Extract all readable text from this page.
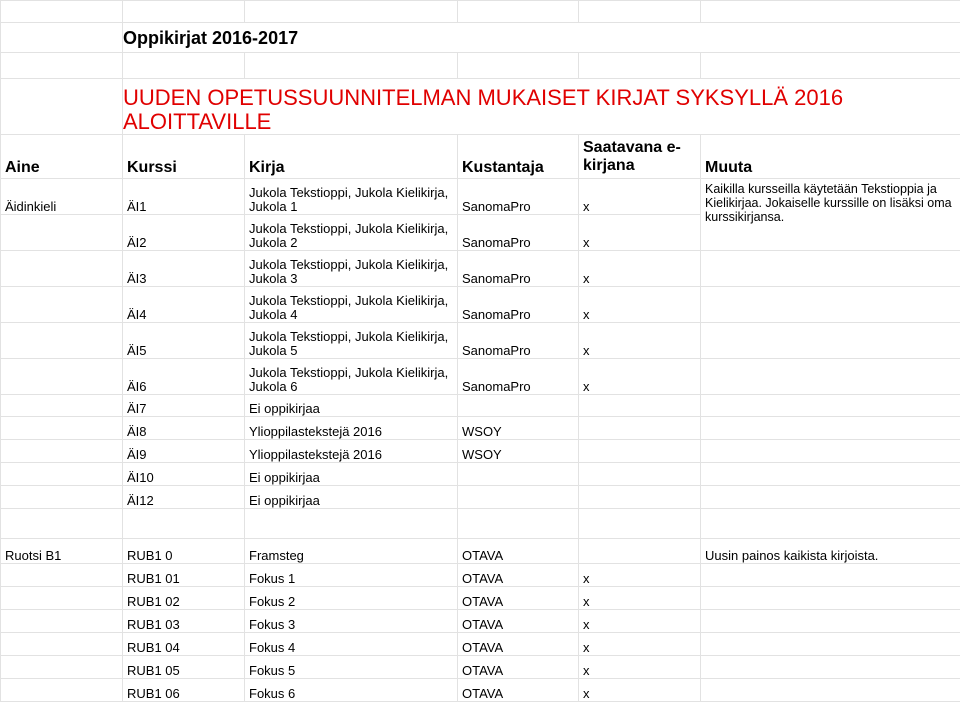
	Oppikirjat 2016-2017				

	UUDEN OPETUSSUUNNITELMAN MUKAISET KIRJAT SYKSYLLÄ 2016 ALOITTAVILLE				
Aine	Kurssi	Kirja	Kustantaja	Saatavana e-kirjana	Muuta
Äidinkieli	ÄI1	Jukola Tekstioppi, Jukola Kielikirja, Jukola 1	SanomaPro	x	Kaikilla kursseilla käytetään Tekstioppia ja Kielikirjaa. Jokaiselle kurssille on lisäksi oma kurssikirjansa.
	ÄI2	Jukola Tekstioppi, Jukola Kielikirja, Jukola 2	SanomaPro	x	
	ÄI3	Jukola Tekstioppi, Jukola Kielikirja, Jukola 3	SanomaPro	x	
	ÄI4	Jukola Tekstioppi, Jukola Kielikirja, Jukola 4	SanomaPro	x	
	ÄI5	Jukola Tekstioppi, Jukola Kielikirja, Jukola 5	SanomaPro	x	
	ÄI6	Jukola Tekstioppi, Jukola Kielikirja, Jukola 6	SanomaPro	x	
	ÄI7	Ei oppikirjaa			
	ÄI8	Ylioppilastekstejä 2016	WSOY		
	ÄI9	Ylioppilastekstejä 2016	WSOY		
	ÄI10	Ei oppikirjaa			
	ÄI12	Ei oppikirjaa			

Ruotsi B1	RUB1 0	Framsteg	OTAVA		Uusin painos kaikista kirjoista.
	RUB1 01	Fokus 1	OTAVA	x	
	RUB1 02	Fokus 2	OTAVA	x	
	RUB1 03	Fokus 3	OTAVA	x	
	RUB1 04	Fokus 4	OTAVA	x	
	RUB1 05	Fokus 5	OTAVA	x	
	RUB1 06	Fokus 6	OTAVA	x	
